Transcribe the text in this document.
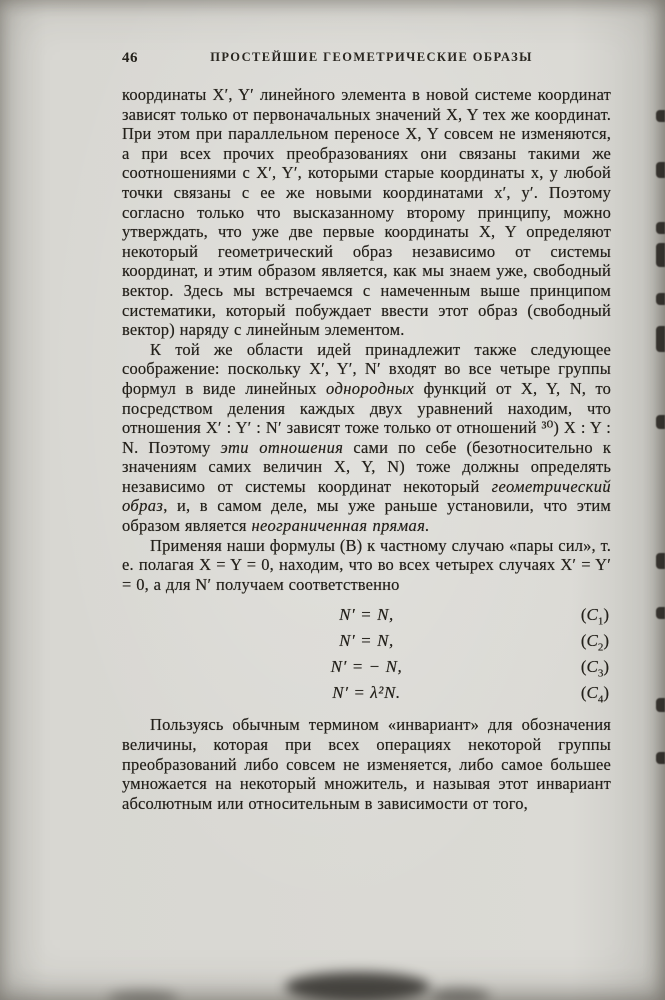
46	ПРОСТЕЙШИЕ ГЕОМЕТРИЧЕСКИЕ ОБРАЗЫ

координаты X′, Y′ линейного элемента в новой системе координат зависят только от первоначальных значений X, Y тех же координат. При этом при параллельном переносе X, Y совсем не изменяются, а при всех прочих преобразованиях они связаны такими же соотношениями с X′, Y′, которыми старые координаты x, y любой точки связаны с ее же новыми координатами x′, y′. Поэтому согласно только что высказанному второму принципу, можно утверждать, что уже две первые координаты X, Y определяют некоторый геометрический образ независимо от системы координат, и этим образом является, как мы знаем уже, свободный вектор. Здесь мы встречаемся с намеченным выше принципом систематики, который побуждает ввести этот образ (свободный вектор) наряду с линейным элементом.

К той же области идей принадлежит также следующее соображение: поскольку X′, Y′, N′ входят во все четыре группы формул в виде линейных однородных функций от X, Y, N, то посредством деления каждых двух уравнений находим, что отношения X′ : Y′ : N′ зависят тоже только от отношений ³⁰) X : Y : N. Поэтому эти отношения сами по себе (безотносительно к значениям самих величин X, Y, N) тоже должны определять независимо от системы координат некоторый геометрический образ, и, в самом деле, мы уже раньше установили, что этим образом является неограниченная прямая.

Применяя наши формулы (B) к частному случаю «пары сил», т. е. полагая X = Y = 0, находим, что во всех четырех случаях X′ = Y′ = 0, а для N′ получаем соответственно

N′ = N,	$(C_1)$
N′ = N,	$(C_2)$
N′ = − N,	$(C_3)$
N′ = λ²N.	$(C_4)$

Пользуясь обычным термином «инвариант» для обозначения величины, которая при всех операциях некоторой группы преобразований либо совсем не изменяется, либо самое большее умножается на некоторый множитель, и называя этот инвариант абсолютным или относительным в зависимости от того,
